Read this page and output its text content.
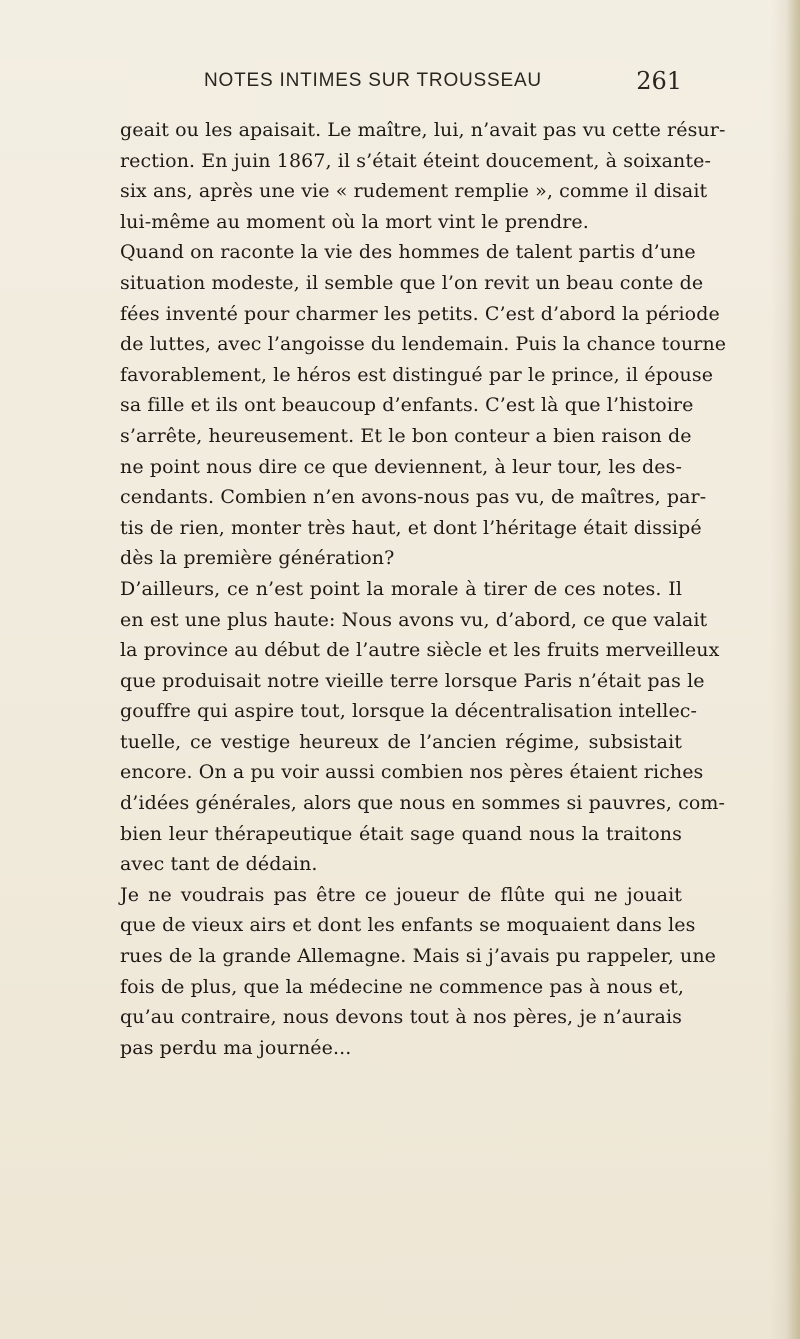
NOTES INTIMES SUR TROUSSEAU	261
geait ou les apaisait. Le maître, lui, n’avait pas vu cette résur-
rection. En juin 1867, il s’était éteint doucement, à soixante-
six ans, après une vie « rudement remplie », comme il disait
lui-même au moment où la mort vint le prendre.
Quand on raconte la vie des hommes de talent partis d’une
situation modeste, il semble que l’on revit un beau conte de
fées inventé pour charmer les petits. C’est d’abord la période
de luttes, avec l’angoisse du lendemain. Puis la chance tourne
favorablement, le héros est distingué par le prince, il épouse
sa fille et ils ont beaucoup d’enfants. C’est là que l’histoire
s’arrête, heureusement. Et le bon conteur a bien raison de
ne point nous dire ce que deviennent, à leur tour, les des-
cendants. Combien n’en avons-nous pas vu, de maîtres, par-
tis de rien, monter très haut, et dont l’héritage était dissipé
dès la première génération?
D’ailleurs, ce n’est point la morale à tirer de ces notes. Il
en est une plus haute: Nous avons vu, d’abord, ce que valait
la province au début de l’autre siècle et les fruits merveilleux
que produisait notre vieille terre lorsque Paris n’était pas le
gouffre qui aspire tout, lorsque la décentralisation intellec-
tuelle, ce vestige heureux de l’ancien régime, subsistait
encore. On a pu voir aussi combien nos pères étaient riches
d’idées générales, alors que nous en sommes si pauvres, com-
bien leur thérapeutique était sage quand nous la traitons
avec tant de dédain.
Je ne voudrais pas être ce joueur de flûte qui ne jouait
que de vieux airs et dont les enfants se moquaient dans les
rues de la grande Allemagne. Mais si j’avais pu rappeler, une
fois de plus, que la médecine ne commence pas à nous et,
qu’au contraire, nous devons tout à nos pères, je n’aurais
pas perdu ma journée...
